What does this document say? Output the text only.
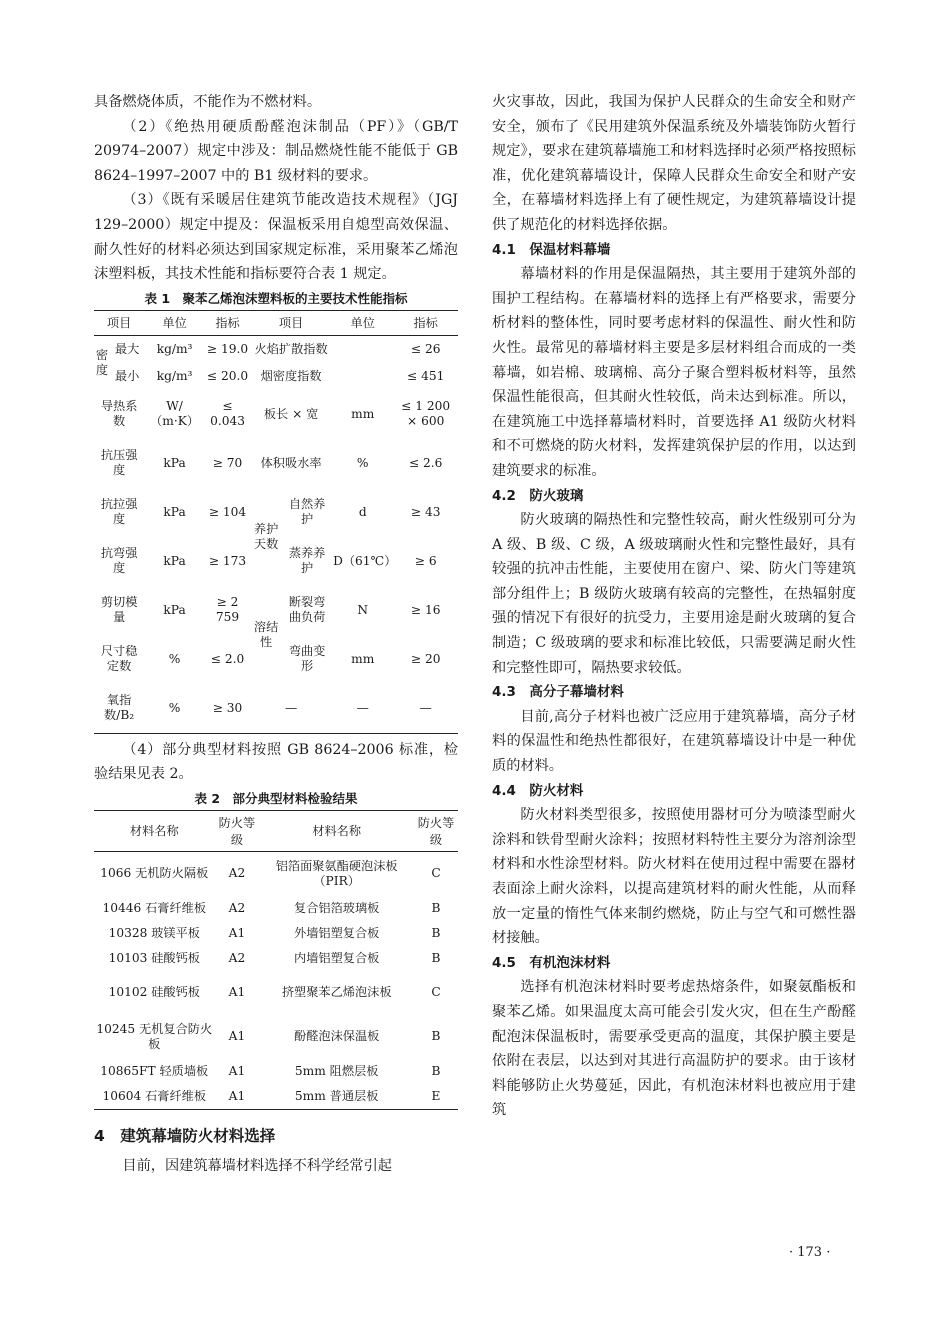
具备燃烧体质，不能作为不燃材料。

（2）《绝热用硬质酚醛泡沫制品（PF）》（GB/T 20974–2007）规定中涉及：制品燃烧性能不能低于 GB 8624–1997–2007 中的 B1 级材料的要求。

（3）《既有采暖居住建筑节能改造技术规程》（JGJ 129–2000）规定中提及：保温板采用自熄型高效保温、耐久性好的材料必须达到国家规定标准，采用聚苯乙烯泡沫塑料板，其技术性能和指标要符合表 1 规定。

表 1　聚苯乙烯泡沫塑料板的主要技术性能指标
项目		单位	指标	项目		单位	指标
密度	最大	kg/m³	≥ 19.0	火焰扩散指数			≤ 26
	最小	kg/m³	≤ 20.0	烟密度指数			≤ 451
导热系数		W/（m·K）	≤ 0.043	板长 × 宽		mm	≤ 1 200 × 600
抗压强度		kPa	≥ 70	体积吸水率		%	≤ 2.6
抗拉强度		kPa	≥ 104	养护天数	自然养护	d	≥ 43
抗弯强度		kPa	≥ 173		蒸养养护	D（61℃）	≥ 6
剪切模量		kPa	≥ 2 759	溶结性	断裂弯曲负荷	N	≥ 16
尺寸稳定数		%	≤ 2.0		弯曲变形	mm	≥ 20
氧指数/B₂		%	≥ 30	—		—	—

（4）部分典型材料按照 GB 8624–2006 标准，检验结果见表 2。

表 2　部分典型材料检验结果
材料名称	防火等级	材料名称	防火等级
1066 无机防火隔板	A2	铝箔面聚氨酯硬泡沫板（PIR）	C
10446 石膏纤维板	A2	复合铝箔玻璃板	B
10328 玻镁平板	A1	外墙铝塑复合板	B
10103 硅酸钙板	A2	内墙铝塑复合板	B
10102 硅酸钙板	A1	挤塑聚苯乙烯泡沫板	C
10245 无机复合防火板	A1	酚醛泡沫保温板	B
10865FT 轻质墙板	A1	5mm 阻燃层板	B
10604 石膏纤维板	A1	5mm 普通层板	E
4　建筑幕墙防火材料选择

目前，因建筑幕墙材料选择不科学经常引起

火灾事故，因此，我国为保护人民群众的生命安全和财产安全，颁布了《民用建筑外保温系统及外墙装饰防火暂行规定》，要求在建筑幕墙施工和材料选择时必须严格按照标准，优化建筑幕墙设计，保障人民群众生命安全和财产安全，在幕墙材料选择上有了硬性规定，为建筑幕墙设计提供了规范化的材料选择依据。

4.1　保温材料幕墙

幕墙材料的作用是保温隔热，其主要用于建筑外部的围护工程结构。在幕墙材料的选择上有严格要求，需要分析材料的整体性，同时要考虑材料的保温性、耐火性和防火性。最常见的幕墙材料主要是多层材料组合而成的一类幕墙，如岩棉、玻璃棉、高分子聚合塑料板材料等，虽然保温性能很高，但其耐火性较低，尚未达到标准。所以，在建筑施工中选择幕墙材料时，首要选择 A1 级防火材料和不可燃烧的防火材料，发挥建筑保护层的作用，以达到建筑要求的标准。

4.2　防火玻璃

防火玻璃的隔热性和完整性较高，耐火性级别可分为 A 级、B 级、C 级，A 级玻璃耐火性和完整性最好，具有较强的抗冲击性能，主要使用在窗户、梁、防火门等建筑部分组件上；B 级防火玻璃有较高的完整性，在热辐射度强的情况下有很好的抗受力，主要用途是耐火玻璃的复合制造；C 级玻璃的要求和标准比较低，只需要满足耐火性和完整性即可，隔热要求较低。

4.3　高分子幕墙材料

目前,高分子材料也被广泛应用于建筑幕墙，高分子材料的保温性和绝热性都很好，在建筑幕墙设计中是一种优质的材料。

4.4　防火材料

防火材料类型很多，按照使用器材可分为喷漆型耐火涂料和铁骨型耐火涂料；按照材料特性主要分为溶剂涂型材料和水性涂型材料。防火材料在使用过程中需要在器材表面涂上耐火涂料，以提高建筑材料的耐火性能，从而释放一定量的惰性气体来制约燃烧，防止与空气和可燃性器材接触。

4.5　有机泡沫材料

选择有机泡沫材料时要考虑热熔条件，如聚氨酯板和聚苯乙烯。如果温度太高可能会引发火灾，但在生产酚醛配泡沫保温板时，需要承受更高的温度，其保护膜主要是依附在表层，以达到对其进行高温防护的要求。由于该材料能够防止火势蔓延，因此，有机泡沫材料也被应用于建筑

· 173 ·
